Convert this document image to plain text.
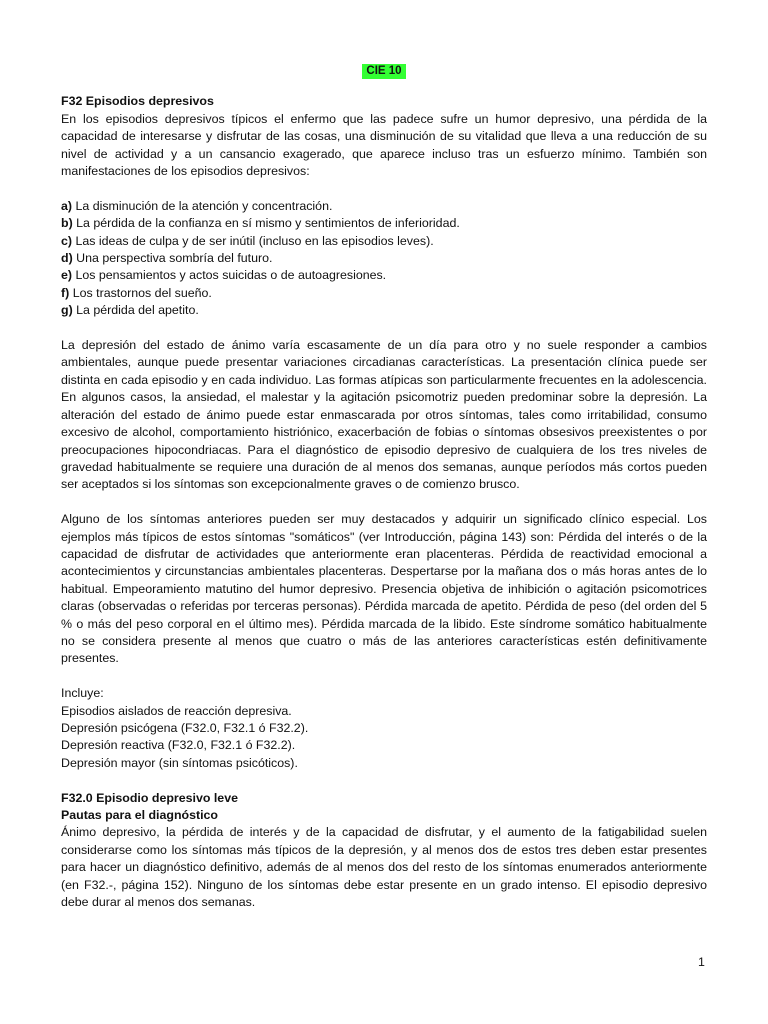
CIE 10
F32 Episodios depresivos

En los episodios depresivos típicos el enfermo que las padece sufre un humor depresivo, una pérdida de la capacidad de interesarse y disfrutar de las cosas, una disminución de su vitalidad que lleva a una reducción de su nivel de actividad y a un cansancio exagerado, que aparece incluso tras un esfuerzo mínimo. También son manifestaciones de los episodios depresivos:

a) La disminución de la atención y concentración.

b) La pérdida de la confianza en sí mismo y sentimientos de inferioridad.

c) Las ideas de culpa y de ser inútil (incluso en las episodios leves).

d) Una perspectiva sombría del futuro.

e) Los pensamientos y actos suicidas o de autoagresiones.

f) Los trastornos del sueño.

g) La pérdida del apetito.

La depresión del estado de ánimo varía escasamente de un día para otro y no suele responder a cambios ambientales, aunque puede presentar variaciones circadianas características. La presentación clínica puede ser distinta en cada episodio y en cada individuo. Las formas atípicas son particularmente frecuentes en la adolescencia. En algunos casos, la ansiedad, el malestar y la agitación psicomotriz pueden predominar sobre la depresión. La alteración del estado de ánimo puede estar enmascarada por otros síntomas, tales como irritabilidad, consumo excesivo de alcohol, comportamiento histriónico, exacerbación de fobias o síntomas obsesivos preexistentes o por preocupaciones hipocondriacas. Para el diagnóstico de episodio depresivo de cualquiera de los tres niveles de gravedad habitualmente se requiere una duración de al menos dos semanas, aunque períodos más cortos pueden ser aceptados si los síntomas son excepcionalmente graves o de comienzo brusco.

Alguno de los síntomas anteriores pueden ser muy destacados y adquirir un significado clínico especial. Los ejemplos más típicos de estos síntomas "somáticos" (ver Introducción, página 143) son: Pérdida del interés o de la capacidad de disfrutar de actividades que anteriormente eran placenteras. Pérdida de reactividad emocional a acontecimientos y circunstancias ambientales placenteras. Despertarse por la mañana dos o más horas antes de lo habitual. Empeoramiento matutino del humor depresivo. Presencia objetiva de inhibición o agitación psicomotrices claras (observadas o referidas por terceras personas). Pérdida marcada de apetito. Pérdida de peso (del orden del 5 % o más del peso corporal en el último mes). Pérdida marcada de la libido. Este síndrome somático habitualmente no se considera presente al menos que cuatro o más de las anteriores características estén definitivamente presentes.

Incluye:

Episodios aislados de reacción depresiva.

Depresión psicógena (F32.0, F32.1 ó F32.2).

Depresión reactiva (F32.0, F32.1 ó F32.2).

Depresión mayor (sin síntomas psicóticos).

F32.0 Episodio depresivo leve
Pautas para el diagnóstico

Ánimo depresivo, la pérdida de interés y de la capacidad de disfrutar, y el aumento de la fatigabilidad suelen considerarse como los síntomas más típicos de la depresión, y al menos dos de estos tres deben estar presentes para hacer un diagnóstico definitivo, además de al menos dos del resto de los síntomas enumerados anteriormente (en F32.-, página 152). Ninguno de los síntomas debe estar presente en un grado intenso. El episodio depresivo debe durar al menos dos semanas.

1
